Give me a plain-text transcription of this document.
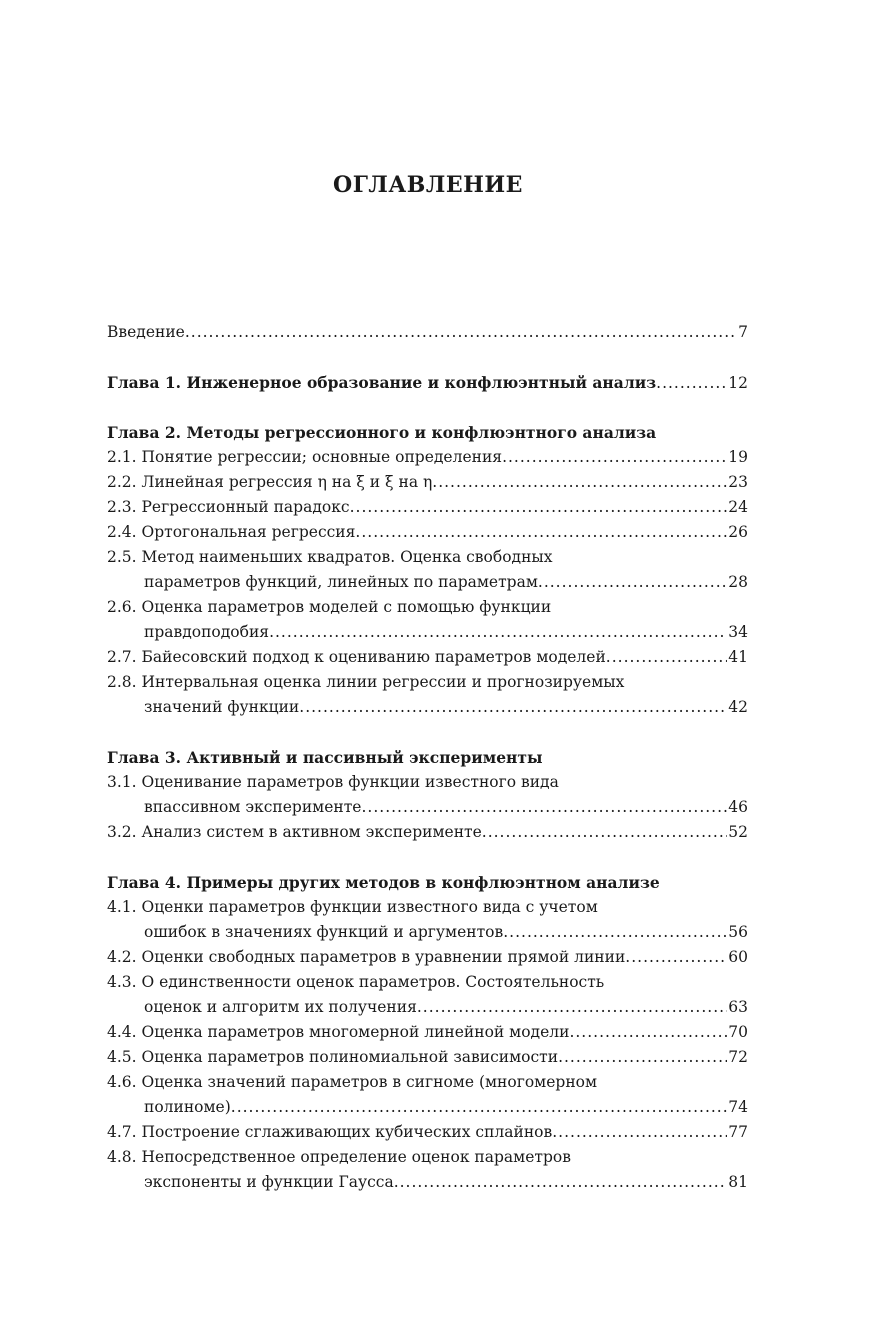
ОГЛАВЛЕНИЕ
Введение .....	7
Глава 1. Инженерное образование и конфлюэнтный анализ .....	12
Глава 2. Методы регрессионного и конфлюэнтного анализа
2.1. Понятие регрессии; основные определения .....	19
2.2. Линейная регрессия η на ξ и ξ на η .....	23
2.3. Регрессионный парадокс .....	24
2.4. Ортогональная регрессия .....	26
2.5. Метод наименьших квадратов. Оценка свободных
параметров функций, линейных по параметрам .....	28
2.6. Оценка параметров моделей с помощью функции
правдоподобия .....	34
2.7. Байесовский подход к оцениванию параметров моделей .....	41
2.8. Интервальная оценка линии регрессии и прогнозируемых
значений функции .....	42
Глава 3. Активный и пассивный эксперименты
3.1. Оценивание параметров функции известного вида
впассивном эксперименте .....	46
3.2. Анализ систем в активном эксперименте .....	52
Глава 4. Примеры других методов в конфлюэнтном анализе
4.1. Оценки параметров функции известного вида с учетом
ошибок в значениях функций и аргументов .....	56
4.2. Оценки свободных параметров в уравнении прямой линии .....	60
4.3. О единственности оценок параметров. Состоятельность
оценок и алгоритм их получения .....	63
4.4. Оценка параметров многомерной линейной модели .....	70
4.5. Оценка параметров полиномиальной зависимости .....	72
4.6. Оценка значений параметров в сигноме (многомерном
полиноме) .....	74
4.7. Построение сглаживающих кубических сплайнов .....	77
4.8. Непосредственное определение оценок параметров
экспоненты и функции Гаусса .....	81
